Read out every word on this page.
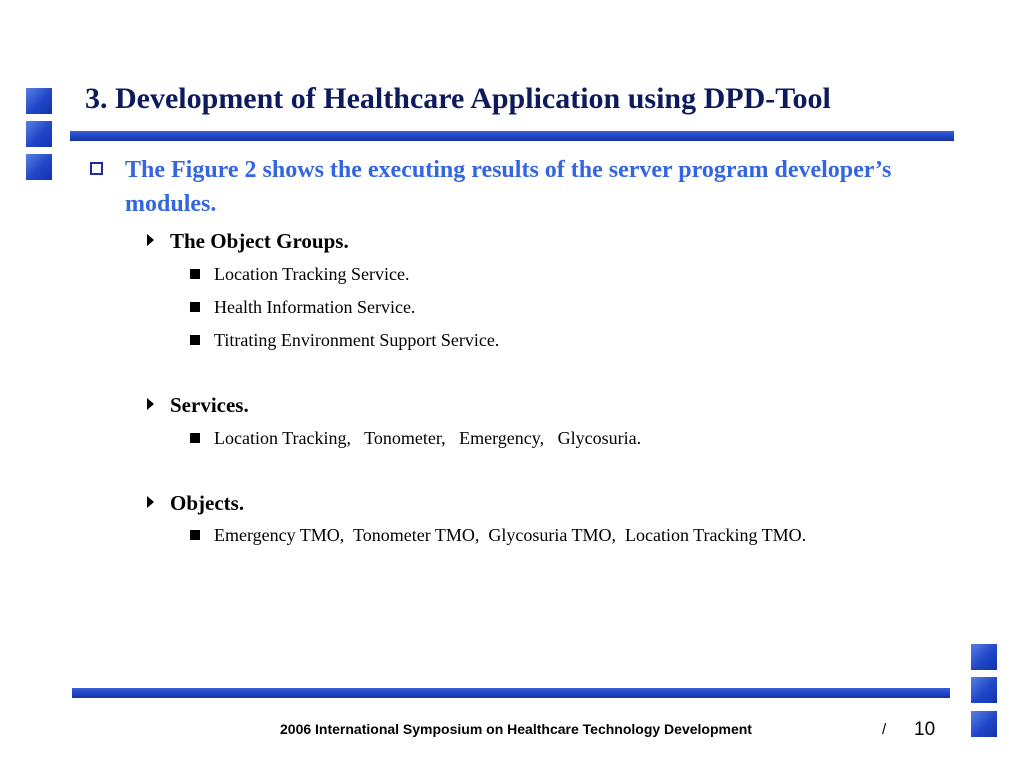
3. Development of Healthcare Application using DPD-Tool
The Figure 2 shows the executing results of the server program developer’s modules.
The Object Groups.
Location Tracking Service.
Health Information Service.
Titrating Environment Support Service.
Services.
Location Tracking,   Tonometer,   Emergency,   Glycosuria.
Objects.
Emergency TMO,  Tonometer TMO,  Glycosuria TMO,  Location Tracking TMO.
2006 International Symposium on Healthcare Technology Development	/ 10
